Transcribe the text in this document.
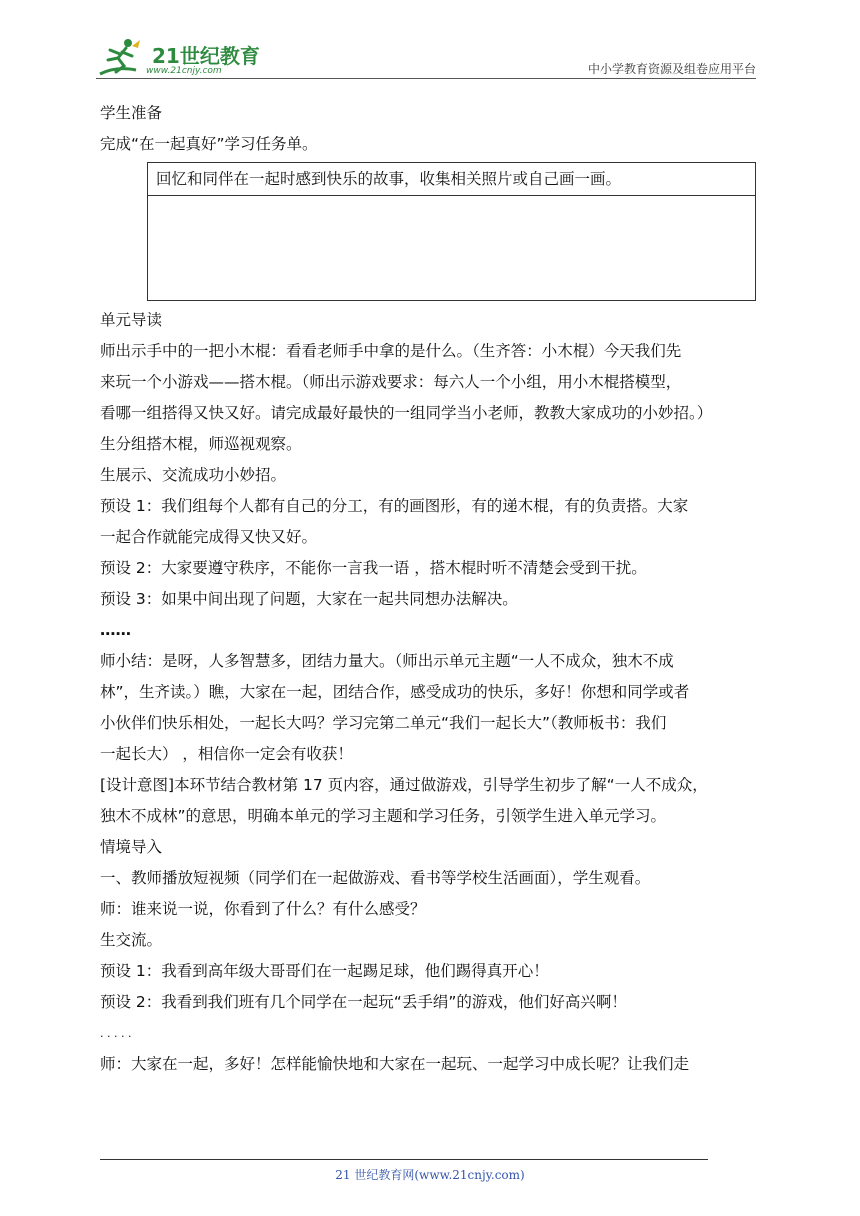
21世纪教育
www.21cnjy.com	中小学教育资源及组卷应用平台
学生准备
完成“在一起真好”学习任务单。
回忆和同伴在一起时感到快乐的故事，收集相关照片或自己画一画。
单元导读
师出示手中的一把小木棍：看看老师手中拿的是什么。（生齐答：小木棍）今天我们先
来玩一个小游戏——搭木棍。（师出示游戏要求：每六人一个小组，用小木棍搭模型，
看哪一组搭得又快又好。请完成最好最快的一组同学当小老师，教教大家成功的小妙招。）
生分组搭木棍，师巡视观察。
生展示、交流成功小妙招。
预设 1：我们组每个人都有自己的分工，有的画图形，有的递木棍，有的负责搭。大家
一起合作就能完成得又快又好。
预设 2：大家要遵守秩序，不能你一言我一语 ，搭木棍时听不清楚会受到干扰。
预设 3：如果中间出现了问题，大家在一起共同想办法解决。
……
师小结：是呀，人多智慧多，团结力量大。（师出示单元主题“一人不成众，独木不成
林”，生齐读。）瞧，大家在一起，团结合作，感受成功的快乐，多好！你想和同学或者
小伙伴们快乐相处，一起长大吗？学习完第二单元“我们一起长大”（教师板书：我们
一起长大） ，相信你一定会有收获！
[设计意图]本环节结合教材第 17 页内容，通过做游戏，引导学生初步了解“一人不成众，
独木不成林”的意思，明确本单元的学习主题和学习任务，引领学生进入单元学习。
情境导入
一、教师播放短视频（同学们在一起做游戏、看书等学校生活画面），学生观看。
师：谁来说一说，你看到了什么？有什么感受？
生交流。
预设 1：我看到高年级大哥哥们在一起踢足球，他们踢得真开心！
预设 2：我看到我们班有几个同学在一起玩“丢手绢”的游戏，他们好高兴啊！
. . . . .
师：大家在一起，多好！怎样能愉快地和大家在一起玩、一起学习中成长呢？让我们走
21 世纪教育网(www.21cnjy.com)
